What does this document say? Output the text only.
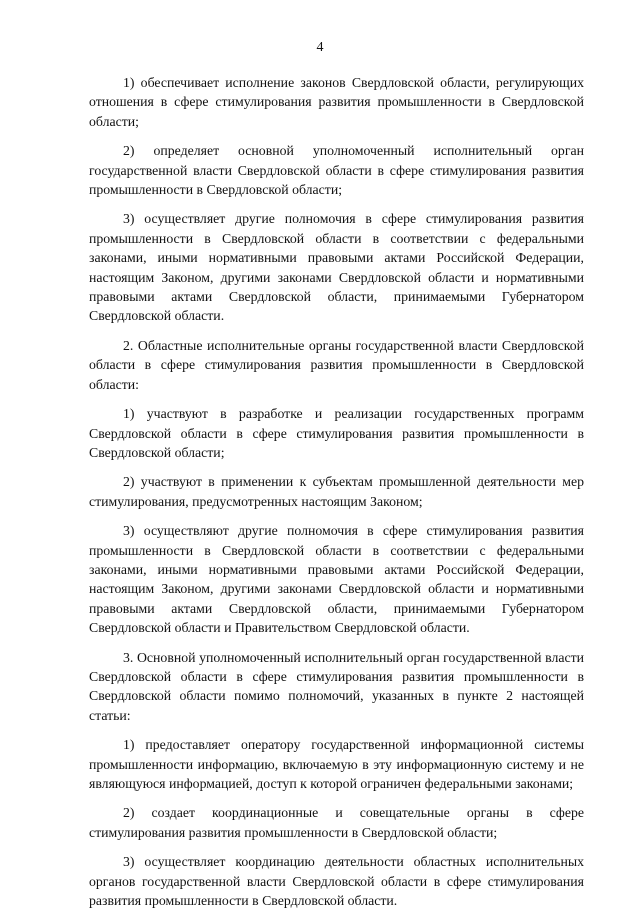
4

1) обеспечивает исполнение законов Свердловской области, регулирующих отношения в сфере стимулирования развития промышленности в Свердловской области;

2) определяет основной уполномоченный исполнительный орган государственной власти Свердловской области в сфере стимулирования развития промышленности в Свердловской области;

3) осуществляет другие полномочия в сфере стимулирования развития промышленности в Свердловской области в соответствии с федеральными законами, иными нормативными правовыми актами Российской Федерации, настоящим Законом, другими законами Свердловской области и нормативными правовыми актами Свердловской области, принимаемыми Губернатором Свердловской области.

2. Областные исполнительные органы государственной власти Свердловской области в сфере стимулирования развития промышленности в Свердловской области:

1) участвуют в разработке и реализации государственных программ Свердловской области в сфере стимулирования развития промышленности в Свердловской области;

2) участвуют в применении к субъектам промышленной деятельности мер стимулирования, предусмотренных настоящим Законом;

3) осуществляют другие полномочия в сфере стимулирования развития промышленности в Свердловской области в соответствии с федеральными законами, иными нормативными правовыми актами Российской Федерации, настоящим Законом, другими законами Свердловской области и нормативными правовыми актами Свердловской области, принимаемыми Губернатором Свердловской области и Правительством Свердловской области.

3. Основной уполномоченный исполнительный орган государственной власти Свердловской области в сфере стимулирования развития промышленности в Свердловской области помимо полномочий, указанных в пункте 2 настоящей статьи:

1) предоставляет оператору государственной информационной системы промышленности информацию, включаемую в эту информационную систему и не являющуюся информацией, доступ к которой ограничен федеральными законами;

2) создает координационные и совещательные органы в сфере стимулирования развития промышленности в Свердловской области;

3) осуществляет координацию деятельности областных исполнительных органов государственной власти Свердловской области в сфере стимулирования развития промышленности в Свердловской области.
